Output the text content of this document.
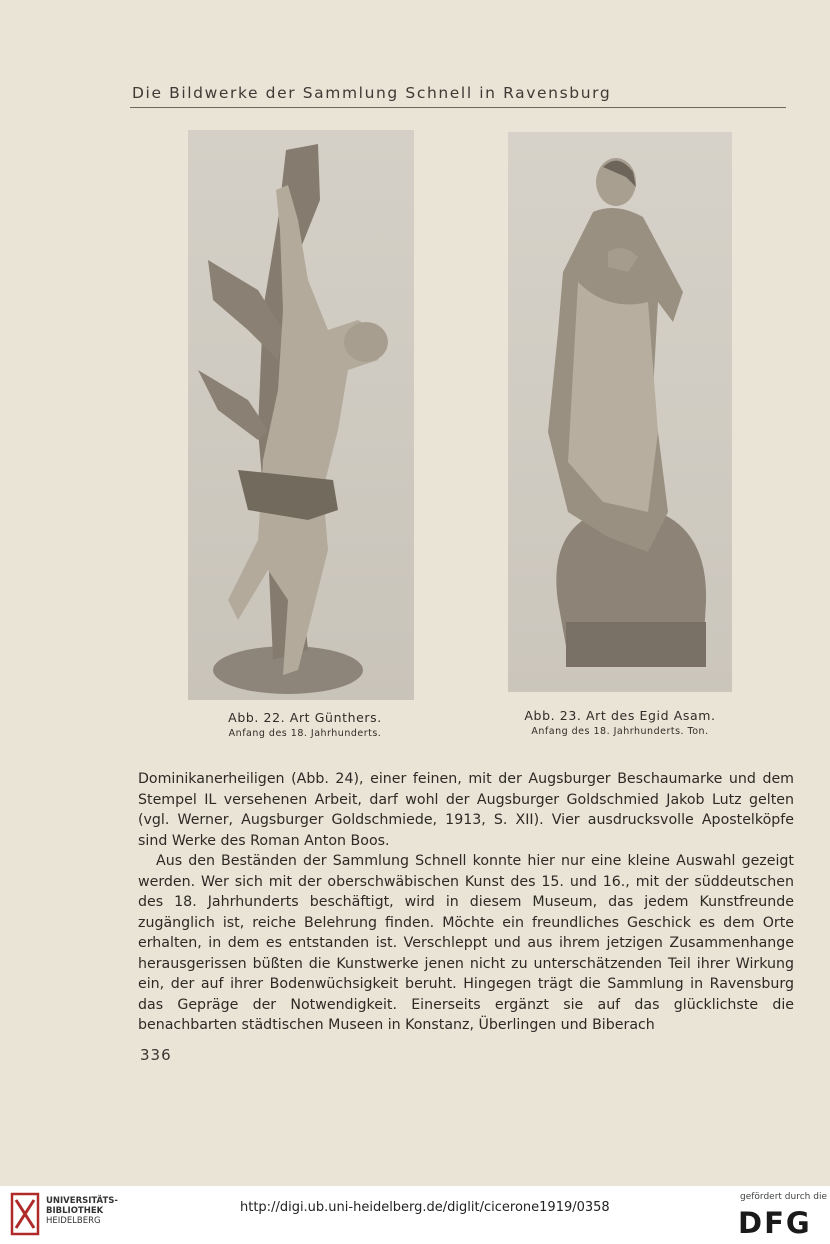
Die Bildwerke der Sammlung Schnell in Ravensburg
Abb. 22. Art Günthers.
Anfang des 18. Jahrhunderts.
Abb. 23. Art des Egid Asam.
Anfang des 18. Jahrhunderts. Ton.

Dominikanerheiligen (Abb. 24), einer feinen, mit der Augsburger Beschaumarke und dem Stempel IL versehenen Arbeit, darf wohl der Augsburger Goldschmied Jakob Lutz gelten (vgl. Werner, Augsburger Goldschmiede, 1913, S. XII). Vier ausdrucksvolle Apostelköpfe sind Werke des Roman Anton Boos.

Aus den Beständen der Sammlung Schnell konnte hier nur eine kleine Auswahl gezeigt werden. Wer sich mit der oberschwäbischen Kunst des 15. und 16., mit der süddeutschen des 18. Jahrhunderts beschäftigt, wird in diesem Museum, das jedem Kunstfreunde zugänglich ist, reiche Belehrung finden. Möchte ein freundliches Geschick es dem Orte erhalten, in dem es entstanden ist. Verschleppt und aus ihrem jetzigen Zusammenhange herausgerissen büßten die Kunstwerke jenen nicht zu unterschätzenden Teil ihrer Wirkung ein, der auf ihrer Bodenwüchsigkeit beruht. Hingegen trägt die Sammlung in Ravensburg das Gepräge der Notwendigkeit. Einerseits ergänzt sie auf das glücklichste die benachbarten städtischen Museen in Konstanz, Überlingen und Biberach

336
UNIVERSITÄTS-
BIBLIOTHEK
HEIDELBERG
http://digi.ub.uni-heidelberg.de/diglit/cicerone1919/0358
gefördert durch die
DFG
